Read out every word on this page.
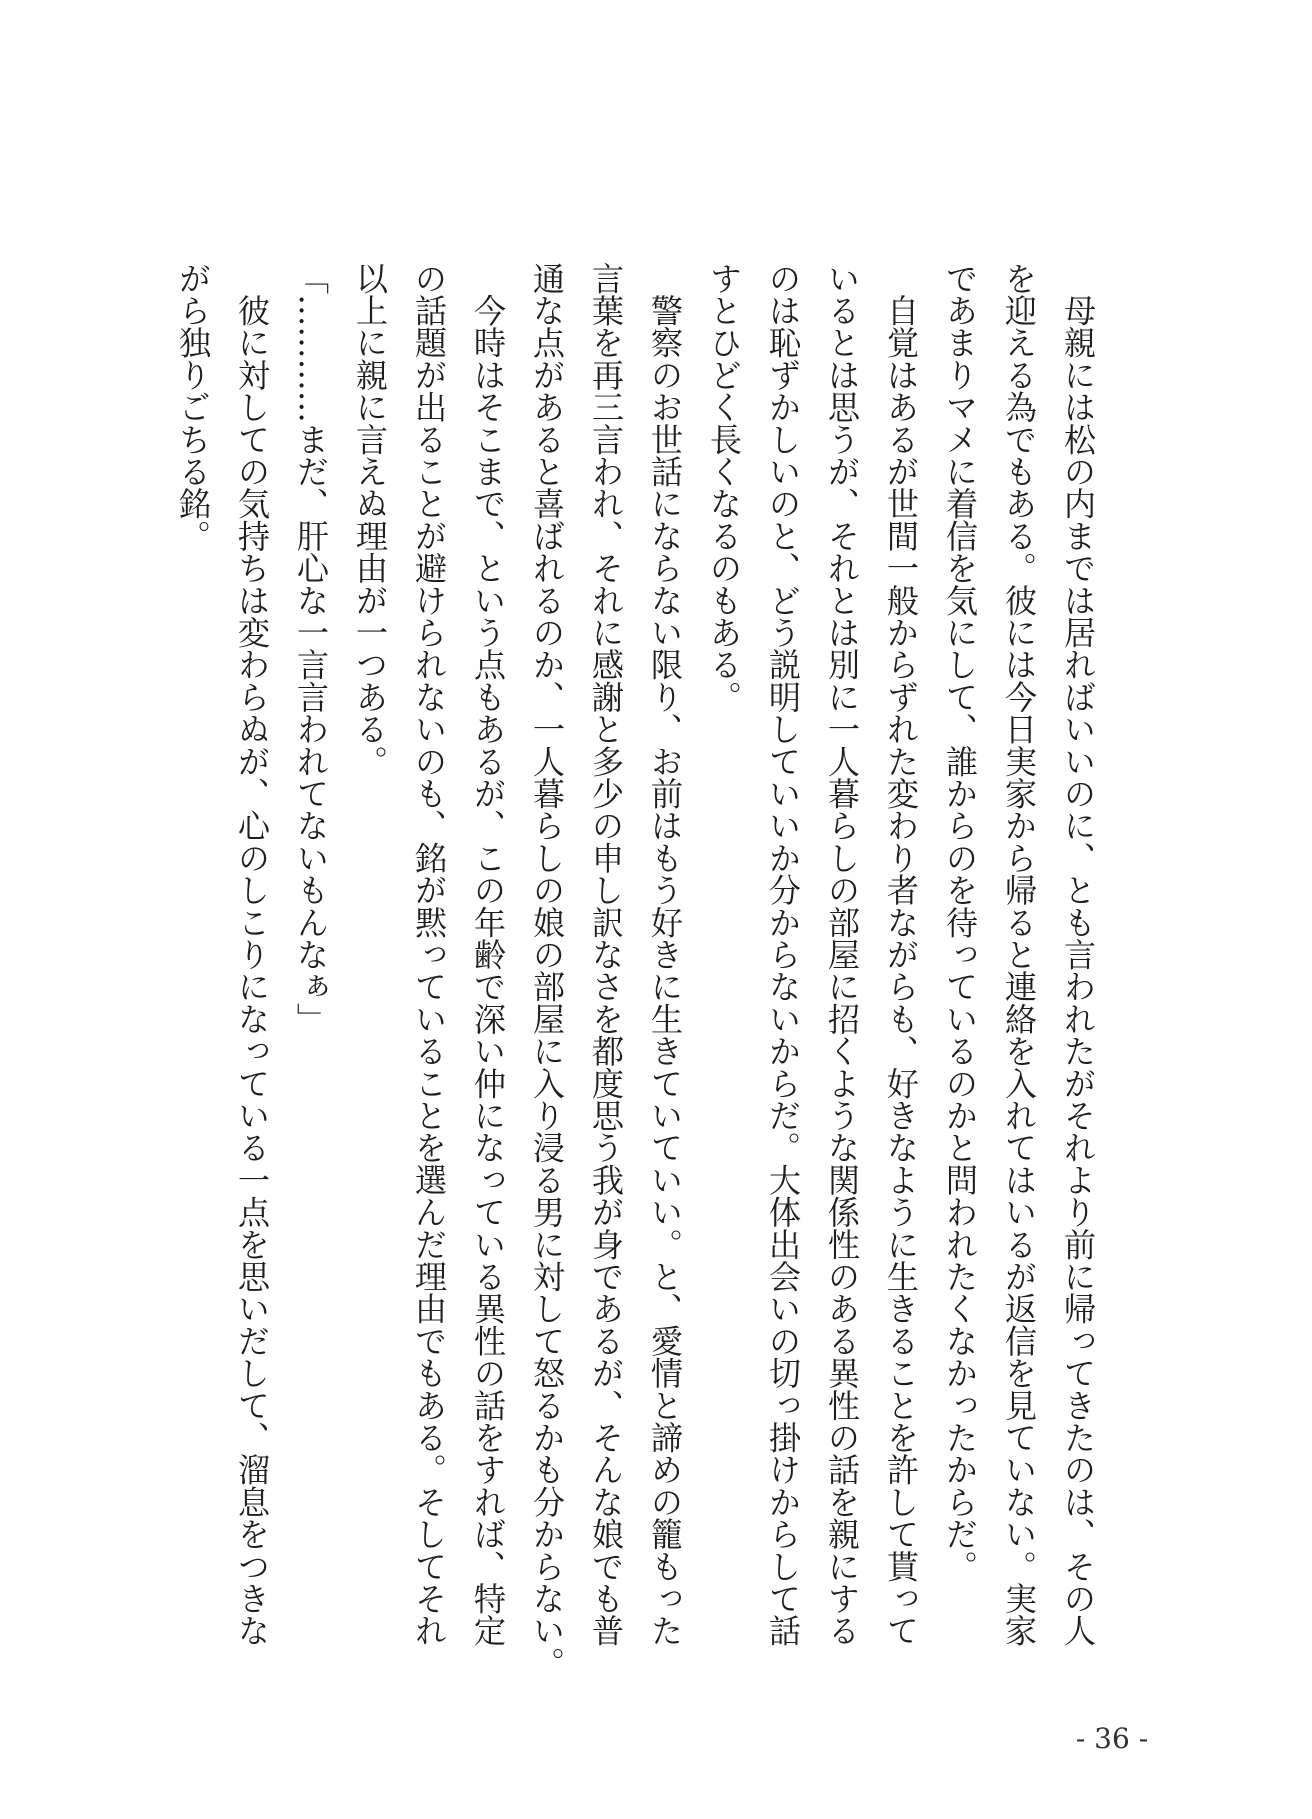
　母親には松の内までは居ればいいのに、とも言われたがそれより前に帰ってきたのは、その人
を迎える為でもある。彼には今日実家から帰ると連絡を入れてはいるが返信を見ていない。実家
であまりマメに着信を気にして、誰からのを待っているのかと問われたくなかったからだ。
　自覚はあるが世間一般からずれた変わり者ながらも、好きなように生きることを許して貰って
いるとは思うが、それとは別に一人暮らしの部屋に招くような関係性のある異性の話を親にする
のは恥ずかしいのと、どう説明していいか分からないからだ。大体出会いの切っ掛けからして話
すとひどく長くなるのもある。
　警察のお世話にならない限り、お前はもう好きに生きていていい。と、愛情と諦めの籠もった
言葉を再三言われ、それに感謝と多少の申し訳なさを都度思う我が身であるが、そんな娘でも普
通な点があると喜ばれるのか、一人暮らしの娘の部屋に入り浸る男に対して怒るかも分からない。
　今時はそこまで、という点もあるが、この年齢で深い仲になっている異性の話をすれば、特定
の話題が出ることが避けられないのも、銘が黙っていることを選んだ理由でもある。そしてそれ
以上に親に言えぬ理由が一つある。
「…………まだ、肝心な一言言われてないもんなぁ」
　彼に対しての気持ちは変わらぬが、心のしこりになっている一点を思いだして、溜息をつきな
がら独りごちる銘。
- 36 -
